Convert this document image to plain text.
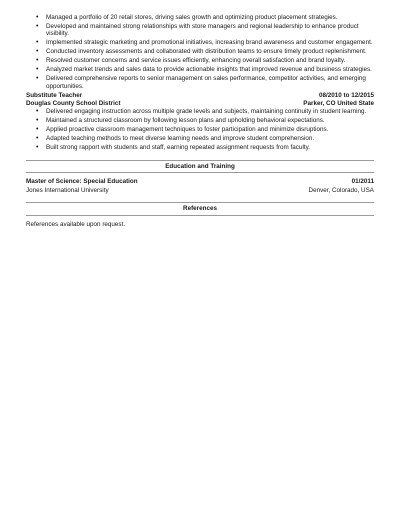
• Managed a portfolio of 20 retail stores, driving sales growth and optimizing product placement strategies.
• Developed and maintained strong relationships with store managers and regional leadership to enhance product visibility.
• Implemented strategic marketing and promotional initiatives, increasing brand awareness and customer engagement.
• Conducted inventory assessments and collaborated with distribution teams to ensure timely product replenishment.
• Resolved customer concerns and service issues efficiently, enhancing overall satisfaction and brand loyalty.
• Analyzed market trends and sales data to provide actionable insights that improved revenue and business strategies.
• Delivered comprehensive reports to senior management on sales performance, competitor activities, and emerging opportunities.
Substitute Teacher	08/2010 to 12/2015
Douglas County School District	Parker, CO United State
• Delivered engaging instruction across multiple grade levels and subjects, maintaining continuity in student learning.
• Maintained a structured classroom by following lesson plans and upholding behavioral expectations.
• Applied proactive classroom management techniques to foster participation and minimize disruptions.
• Adapted teaching methods to meet diverse learning needs and improve student comprehension.
• Built strong rapport with students and staff, earning repeated assignment requests from faculty.
Education and Training
Master of Science: Special Education	01/2011
Jones International University	Denver, Colorado, USA
References
References available upon request.
